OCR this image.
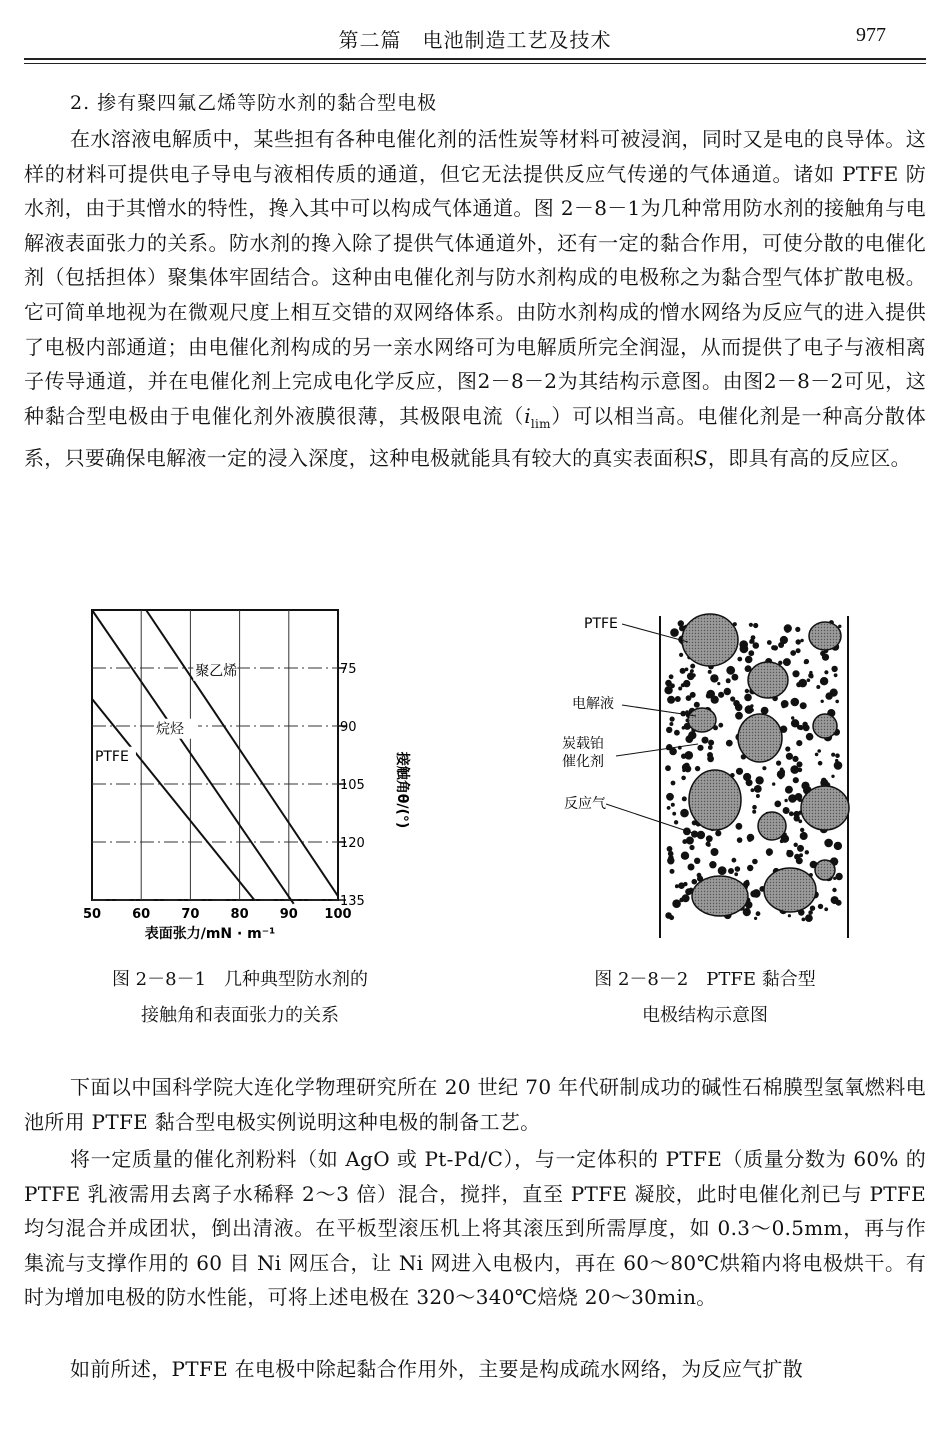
第二篇　电池制造工艺及技术	977
2. 掺有聚四氟乙烯等防水剂的黏合型电极
在水溶液电解质中，某些担有各种电催化剂的活性炭等材料可被浸润，同时又是电的良导体。这样的材料可提供电子导电与液相传质的通道，但它无法提供反应气传递的气体通道。诸如 PTFE 防水剂，由于其憎水的特性，搀入其中可以构成气体通道。图 2－8－1为几种常用防水剂的接触角与电解液表面张力的关系。防水剂的搀入除了提供气体通道外，还有一定的黏合作用，可使分散的电催化剂（包括担体）聚集体牢固结合。这种由电催化剂与防水剂构成的电极称之为黏合型气体扩散电极。它可简单地视为在微观尺度上相互交错的双网络体系。由防水剂构成的憎水网络为反应气的进入提供了电极内部通道；由电催化剂构成的另一亲水网络可为电解质所完全润湿，从而提供了电子与液相离子传导通道，并在电催化剂上完成电化学反应，图2－8－2为其结构示意图。由图2－8－2可见，这种黏合型电极由于电催化剂外液膜很薄，其极限电流$(i_{lim})$可以相当高。电催化剂是一种高分散体系，只要确保电解液一定的浸入深度，这种电极就能具有较大的真实表面积S，即具有高的反应区。
50 60 70 80 90 100
75
90
105
120
135
聚乙烯
烷烃
PTFE
表面张力/mN · m⁻¹
接触角θ/(°)
PTFE
电解液
炭载铂
催化剂
反应气
图 2－8－1　几种典型防水剂的
接触角和表面张力的关系
图 2－8－2　PTFE 黏合型
电极结构示意图
下面以中国科学院大连化学物理研究所在 20 世纪 70 年代研制成功的碱性石棉膜型氢氧燃料电池所用 PTFE 黏合型电极实例说明这种电极的制备工艺。
将一定质量的催化剂粉料（如 AgO 或 Pt-Pd/C），与一定体积的 PTFE（质量分数为 60% 的 PTFE 乳液需用去离子水稀释 2～3 倍）混合，搅拌，直至 PTFE 凝胶，此时电催化剂已与 PTFE 均匀混合并成团状，倒出清液。在平板型滚压机上将其滚压到所需厚度，如 0.3～0.5mm，再与作集流与支撑作用的 60 目 Ni 网压合，让 Ni 网进入电极内，再在 60～80℃烘箱内将电极烘干。有时为增加电极的防水性能，可将上述电极在 320～340℃焙烧 20～30min。
如前所述，PTFE 在电极中除起黏合作用外，主要是构成疏水网络，为反应气扩散
